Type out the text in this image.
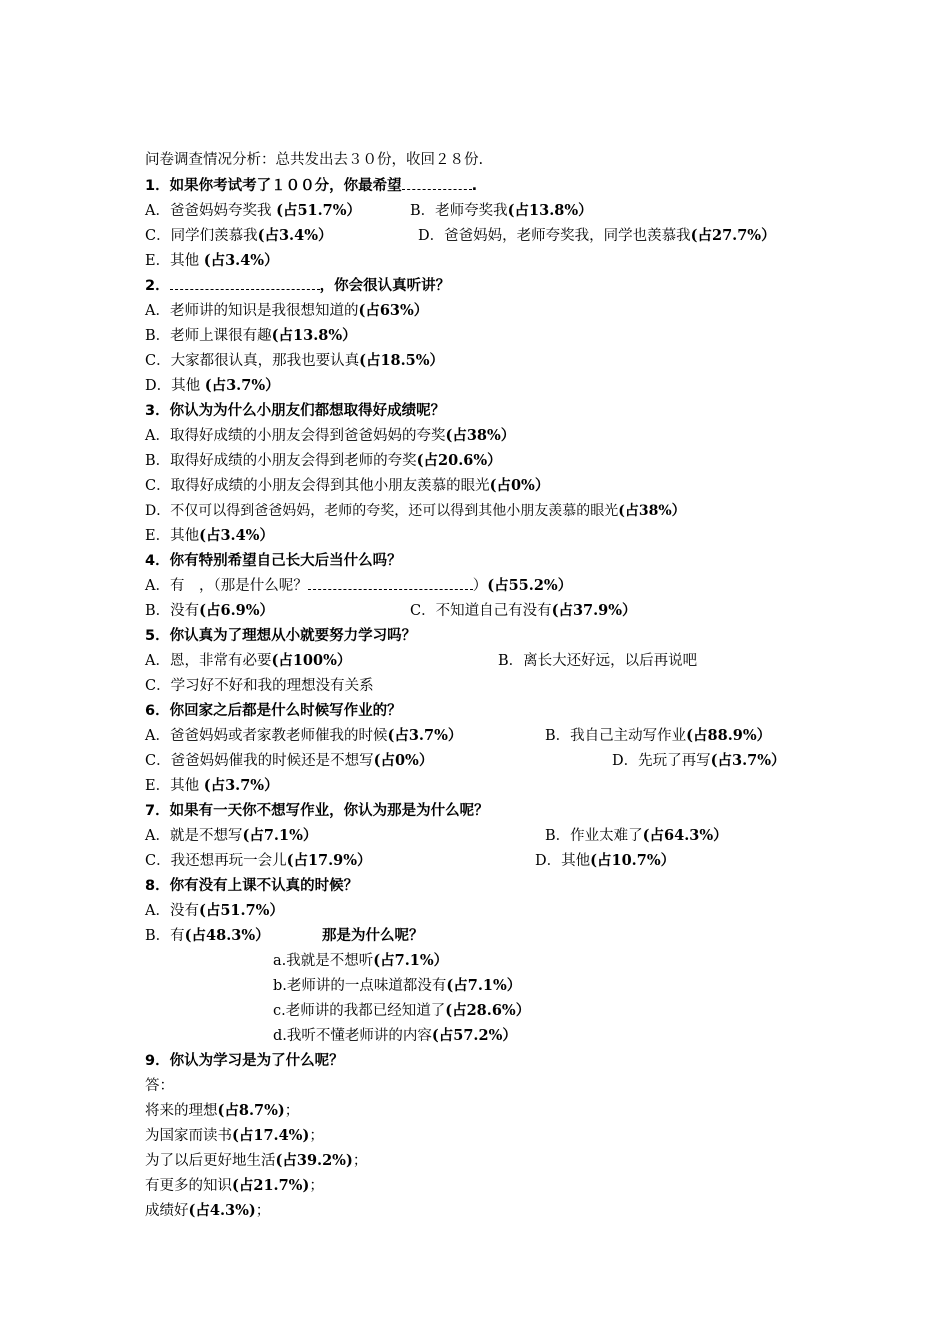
问卷调查情况分析：总共发出去３０份，收回２８份.
1．如果你考试考了１００分，你最希望	.
A．爸爸妈妈夸奖我 (占51.7%）	B．老师夸奖我(占13.8%）
C．同学们羡慕我(占3.4%）	D．爸爸妈妈，老师夸奖我，同学也羡慕我(占27.7%）
E．其他 (占3.4%）
2．	，你会很认真听讲？
A．老师讲的知识是我很想知道的(占63%）
B．老师上课很有趣(占13.8%）
C．大家都很认真，那我也要认真(占18.5%）
D．其他 (占3.7%）
3．你认为为什么小朋友们都想取得好成绩呢？
A．取得好成绩的小朋友会得到爸爸妈妈的夸奖(占38%）
B．取得好成绩的小朋友会得到老师的夸奖(占20.6%）
C．取得好成绩的小朋友会得到其他小朋友羡慕的眼光(占0%）
D．不仅可以得到爸爸妈妈，老师的夸奖，还可以得到其他小朋友羡慕的眼光(占38%）
E．其他(占3.4%）
4．你有特别希望自己长大后当什么吗？
A．有　，（那是什么呢？	）(占55.2%）
B．没有(占6.9%）	C．不知道自己有没有(占37.9%）
5．你认真为了理想从小就要努力学习吗？
A．恩，非常有必要(占100%）	B．离长大还好远，以后再说吧
C．学习好不好和我的理想没有关系
6．你回家之后都是什么时候写作业的？
A．爸爸妈妈或者家教老师催我的时候(占3.7%）	B．我自己主动写作业(占88.9%）
C．爸爸妈妈催我的时候还是不想写(占0%）	D．先玩了再写(占3.7%）
E．其他 (占3.7%）
7．如果有一天你不想写作业，你认为那是为什么呢？
A．就是不想写(占7.1%）	B．作业太难了(占64.3%）
C．我还想再玩一会儿(占17.9%）	D．其他(占10.7%）
8．你有没有上课不认真的时候？
A．没有(占51.7%）
B．有(占48.3%）	那是为什么呢？
a.我就是不想听(占7.1%）
b.老师讲的一点味道都没有(占7.1%）
c.老师讲的我都已经知道了(占28.6%）
d.我听不懂老师讲的内容(占57.2%）
9．你认为学习是为了什么呢？
答：
将来的理想(占8.7%)；
为国家而读书(占17.4%)；
为了以后更好地生活(占39.2%)；
有更多的知识(占21.7%)；
成绩好(占4.3%)；
